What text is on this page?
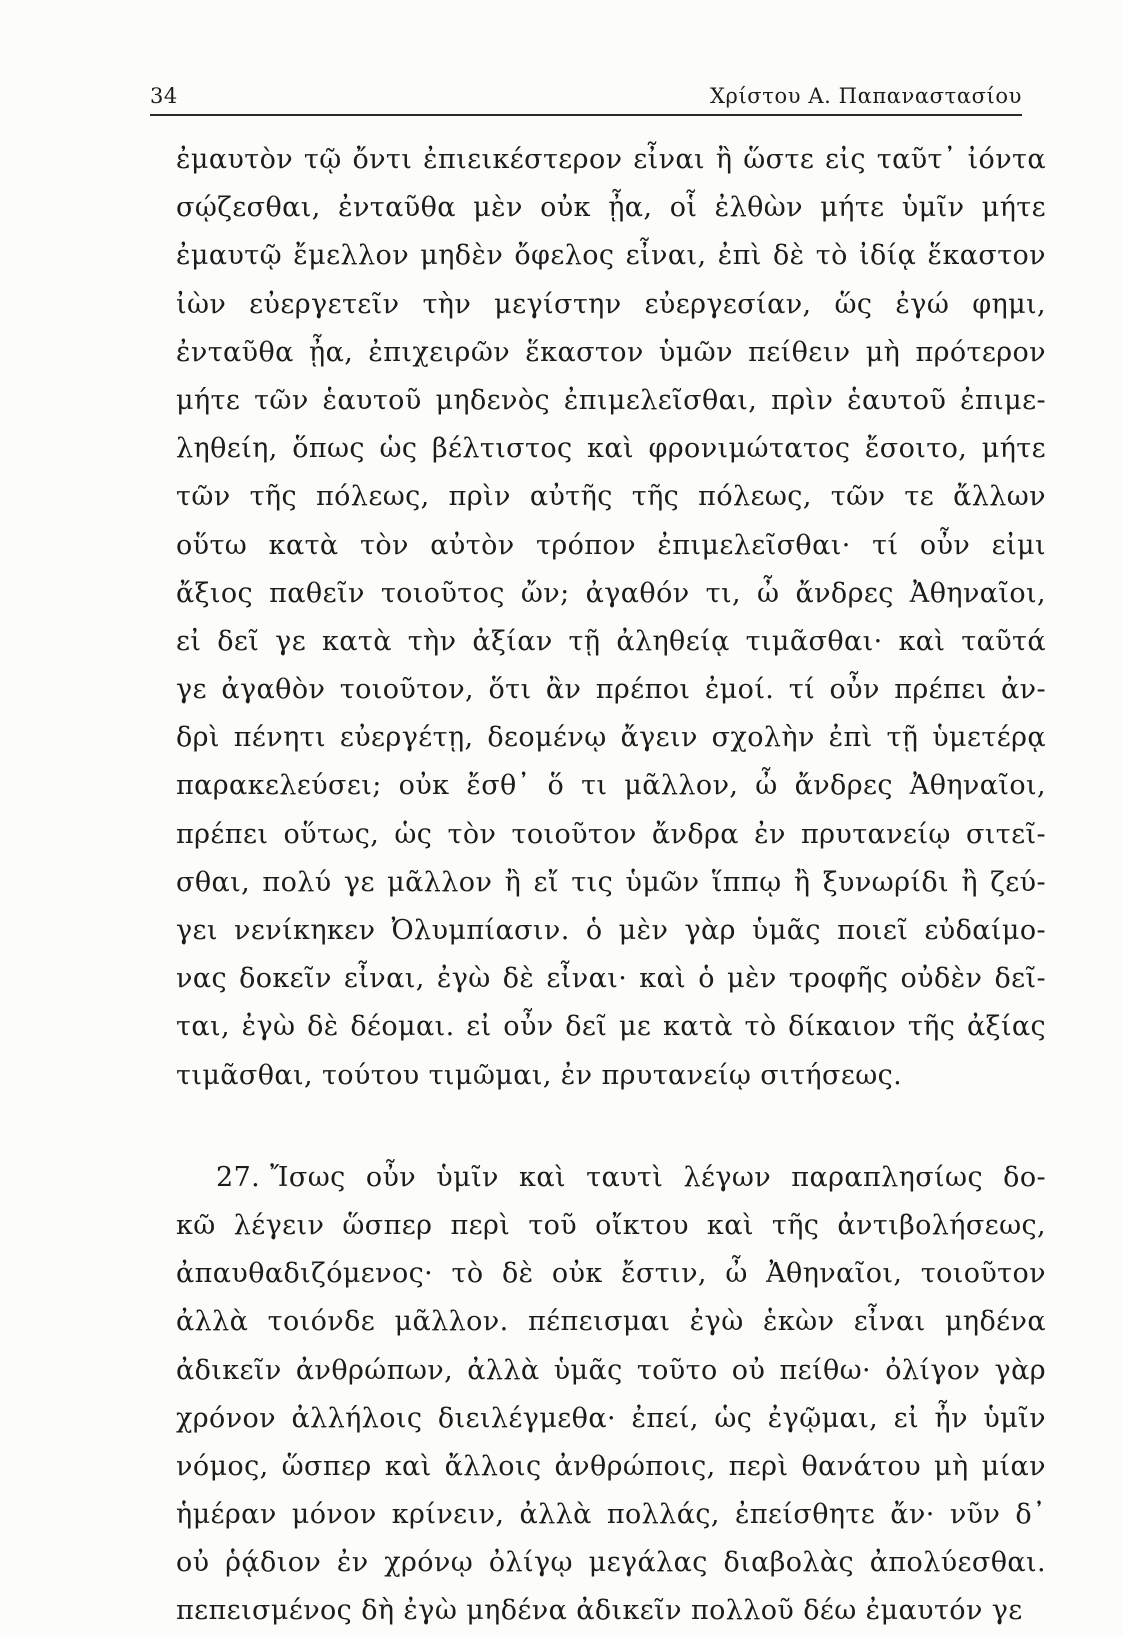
34	Χρίστου Α. Παπαναστασίου
ἐμαυτὸν τῷ ὄντι ἐπιεικέστερον εἶναι ἢ ὥστε εἰς ταῦτ᾽ ἰόντα
σῴζεσθαι, ἐνταῦθα μὲν οὐκ ᾖα, οἷ ἐλθὼν μήτε ὑμῖν μήτε
ἐμαυτῷ ἔμελλον μηδὲν ὄφελος εἶναι, ἐπὶ δὲ τὸ ἰδίᾳ ἕκαστον
ἰὼν εὐεργετεῖν τὴν μεγίστην εὐεργεσίαν, ὥς ἐγώ φημι,
ἐνταῦθα ᾖα, ἐπιχειρῶν ἕκαστον ὑμῶν πείθειν μὴ πρότερον
μήτε τῶν ἑαυτοῦ μηδενὸς ἐπιμελεῖσθαι, πρὶν ἑαυτοῦ ἐπιμε-
ληθείη, ὅπως ὡς βέλτιστος καὶ φρονιμώτατος ἔσοιτο, μήτε
τῶν τῆς πόλεως, πρὶν αὐτῆς τῆς πόλεως, τῶν τε ἄλλων
οὕτω κατὰ τὸν αὐτὸν τρόπον ἐπιμελεῖσθαι· τί οὖν εἰμι
ἄξιος παθεῖν τοιοῦτος ὤν; ἀγαθόν τι, ὦ ἄνδρες Ἀθηναῖοι,
εἰ δεῖ γε κατὰ τὴν ἀξίαν τῇ ἀληθείᾳ τιμᾶσθαι· καὶ ταῦτά
γε ἀγαθὸν τοιοῦτον, ὅτι ἂν πρέποι ἐμοί. τί οὖν πρέπει ἀν-
δρὶ πένητι εὐεργέτῃ, δεομένῳ ἄγειν σχολὴν ἐπὶ τῇ ὑμετέρᾳ
παρακελεύσει; οὐκ ἔσθ᾽ ὅ τι μᾶλλον, ὦ ἄνδρες Ἀθηναῖοι,
πρέπει οὕτως, ὡς τὸν τοιοῦτον ἄνδρα ἐν πρυτανείῳ σιτεῖ-
σθαι, πολύ γε μᾶλλον ἢ εἴ τις ὑμῶν ἵππῳ ἢ ξυνωρίδι ἢ ζεύ-
γει νενίκηκεν Ὀλυμπίασιν. ὁ μὲν γὰρ ὑμᾶς ποιεῖ εὐδαίμο-
νας δοκεῖν εἶναι, ἐγὼ δὲ εἶναι· καὶ ὁ μὲν τροφῆς οὐδὲν δεῖ-
ται, ἐγὼ δὲ δέομαι. εἰ οὖν δεῖ με κατὰ τὸ δίκαιον τῆς ἀξίας
τιμᾶσθαι, τούτου τιμῶμαι, ἐν πρυτανείῳ σιτήσεως.
27. Ἴσως οὖν ὑμῖν καὶ ταυτὶ λέγων παραπλησίως δο-
κῶ λέγειν ὥσπερ περὶ τοῦ οἴκτου καὶ τῆς ἀντιβολήσεως,
ἀπαυθαδιζόμενος· τὸ δὲ οὐκ ἔστιν, ὦ Ἀθηναῖοι, τοιοῦτον
ἀλλὰ τοιόνδε μᾶλλον. πέπεισμαι ἐγὼ ἑκὼν εἶναι μηδένα
ἀδικεῖν ἀνθρώπων, ἀλλὰ ὑμᾶς τοῦτο οὐ πείθω· ὀλίγον γὰρ
χρόνον ἀλλήλοις διειλέγμεθα· ἐπεί, ὡς ἐγῷμαι, εἰ ἦν ὑμῖν
νόμος, ὥσπερ καὶ ἄλλοις ἀνθρώποις, περὶ θανάτου μὴ μίαν
ἡμέραν μόνον κρίνειν, ἀλλὰ πολλάς, ἐπείσθητε ἄν· νῦν δ᾽
οὐ ῥᾴδιον ἐν χρόνῳ ὀλίγῳ μεγάλας διαβολὰς ἀπολύεσθαι.
πεπεισμένος δὴ ἐγὼ μηδένα ἀδικεῖν πολλοῦ δέω ἐμαυτόν γε
